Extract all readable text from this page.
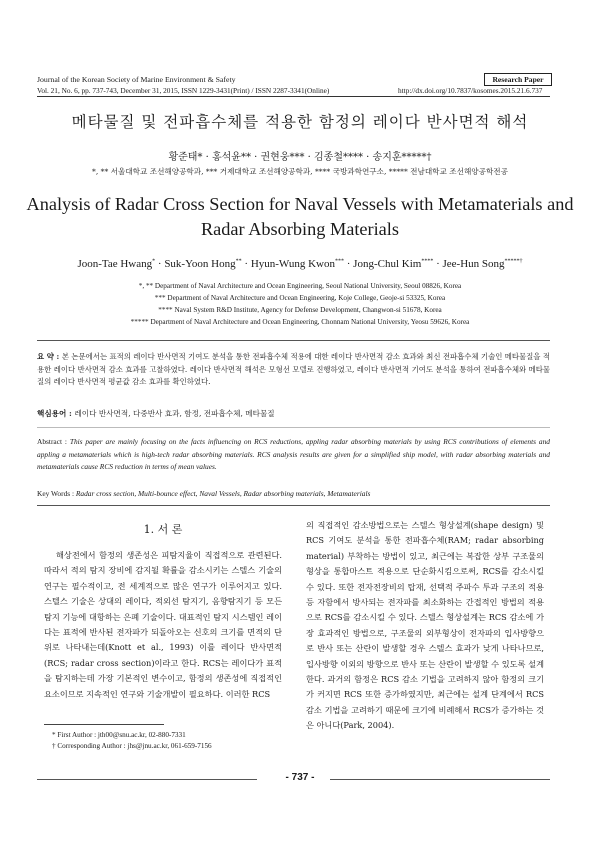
Journal of the Korean Society of Marine Environment & Safety	Research Paper
Vol. 21, No. 6, pp. 737-743, December 31, 2015, ISSN 1229-3431(Print) / ISSN 2287-3341(Online)	http://dx.doi.org/10.7837/kosomes.2015.21.6.737
메타물질 및 전파흡수체를 적용한 함정의 레이다 반사면적 해석
황준태* · 홍석윤** · 권현웅*** · 김종철**** · 송지훈*****†
*, ** 서울대학교 조선해양공학과, *** 거제대학교 조선해양공학과, **** 국방과학연구소, ***** 전남대학교 조선해양공학전공
Analysis of Radar Cross Section for Naval Vessels with Metamaterials and
Radar Absorbing Materials
Joon-Tae Hwang* · Suk-Yoon Hong** · Hyun-Wung Kwon*** · Jong-Chul Kim**** · Jee-Hun Song*****†
*, ** Department of Naval Architecture and Ocean Engineering, Seoul National University, Seoul 08826, Korea
*** Department of Naval Architecture and Ocean Engineering, Koje College, Geoje-si 53325, Korea
**** Naval System R&D Institute, Agency for Defense Development, Changwon-si 51678, Korea
***** Department of Naval Architecture and Ocean Engineering, Chonnam National University, Yeosu 59626, Korea
요 약 : 본 논문에서는 표적의 레이다 반사면적 기여도 분석을 통한 전파흡수체 적용에 대한 레이다 반사면적 감소 효과와 최신 전파흡수체 기술인 메타물질을 적용한 레이다 반사면적 감소 효과를 고찰하였다. 레이다 반사면적 해석은 모형선 모델로 진행하였고, 레이다 반사면적 기여도 분석을 통하여 전파흡수체와 메타물질의 레이다 반사면적 평균값 감소 효과를 확인하였다.
핵심용어 : 레이다 반사면적, 다중반사 효과, 함정, 전파흡수체, 메타물질
Abstract : This paper are mainly focusing on the facts influencing on RCS reductions, appling radar absorbing materials by using RCS contributions of elements and appling a metamaterials which is high-tech radar absorbing materials. RCS analysis results are given for a simplified ship model, with radar absorbing materials and metamaterials cause RCS reduction in terms of mean values.
Key Words : Radar cross section, Multi-bounce effect, Naval Vessels, Radar absorbing materials, Metamaterials
1. 서 론

해상전에서 함정의 생존성은 피탐지율이 직접적으로 관련된다. 따라서 적의 탐지 장비에 감지될 확률을 감소시키는 스텔스 기술의 연구는 필수적이고, 전 세계적으로 많은 연구가 이루어지고 있다. 스텔스 기술은 상대의 레이다, 적외선 탐지기, 음향탐지기 등 모든 탐지 기능에 대항하는 은폐 기술이다. 대표적인 탐지 시스템인 레이다는 표적에 반사된 전자파가 되돌아오는 신호의 크기를 면적의 단위로 나타내는데(Knott et al., 1993) 이를 레이다 반사면적(RCS; radar cross section)이라고 한다. RCS는 레이다가 표적을 탐지하는데 가장 기본적인 변수이고, 함정의 생존성에 직접적인 요소이므로 지속적인 연구와 기술개발이 필요하다. 이러한 RCS

의 직접적인 감소방법으로는 스텔스 형상설계(shape design) 및 RCS 기여도 분석을 통한 전파흡수체(RAM; radar absorbing material) 부착하는 방법이 있고, 최근에는 복잡한 상부 구조물의 형상을 통합마스트 적용으로 단순화시킴으로써, RCS를 감소시킬 수 있다. 또한 전자전장비의 탑재, 선택적 주파수 투과 구조의 적용 등 자함에서 방사되는 전자파를 최소화하는 간접적인 방법의 적용으로 RCS를 감소시킬 수 있다. 스텔스 형상설계는 RCS 감소에 가장 효과적인 방법으로, 구조물의 외부형상이 전자파의 입사방향으로 반사 또는 산란이 발생할 경우 스텔스 효과가 낮게 나타나므로, 입사방향 이외의 방향으로 반사 또는 산란이 발생할 수 있도록 설계한다. 과거의 함정은 RCS 감소 기법을 고려하지 않아 함정의 크기가 커지면 RCS 또한 증가하였지만, 최근에는 설계 단계에서 RCS 감소 기법을 고려하기 때문에 크기에 비례해서 RCS가 증가하는 것은 아니다(Park, 2004).

* First Author : jth00@snu.ac.kr, 02-880-7331
† Corresponding Author : jhs@jnu.ac.kr, 061-659-7156
- 737 -
